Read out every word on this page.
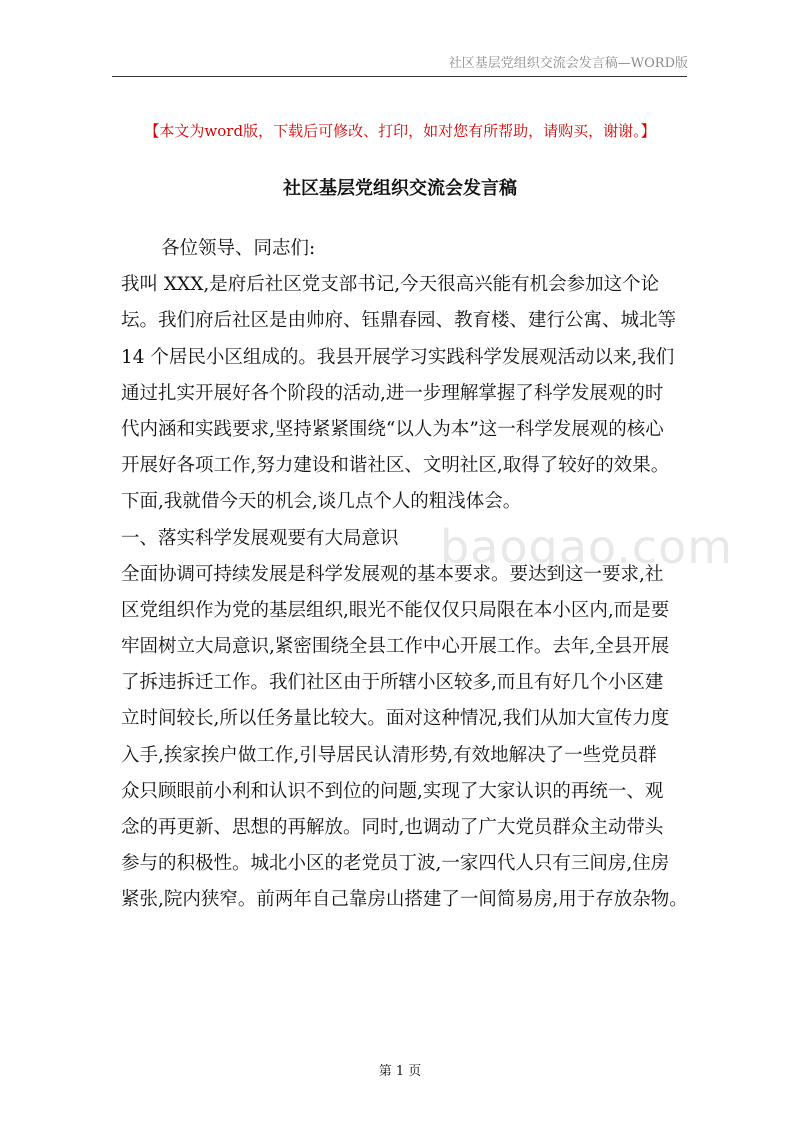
社区基层党组织交流会发言稿—WORD版
【本文为word版，下载后可修改、打印，如对您有所帮助，请购买，谢谢。】
社区基层党组织交流会发言稿
baogao.com
各位领导、同志们:
我叫 XXX,是府后社区党支部书记,今天很高兴能有机会参加这个论
坛。我们府后社区是由帅府、钰鼎春园、教育楼、建行公寓、城北等
14 个居民小区组成的。我县开展学习实践科学发展观活动以来,我们
通过扎实开展好各个阶段的活动,进一步理解掌握了科学发展观的时
代内涵和实践要求,坚持紧紧围绕“以人为本”这一科学发展观的核心
开展好各项工作,努力建设和谐社区、文明社区,取得了较好的效果。
下面,我就借今天的机会,谈几点个人的粗浅体会。
一、落实科学发展观要有大局意识
全面协调可持续发展是科学发展观的基本要求。要达到这一要求,社
区党组织作为党的基层组织,眼光不能仅仅只局限在本小区内,而是要
牢固树立大局意识,紧密围绕全县工作中心开展工作。去年,全县开展
了拆违拆迁工作。我们社区由于所辖小区较多,而且有好几个小区建
立时间较长,所以任务量比较大。面对这种情况,我们从加大宣传力度
入手,挨家挨户做工作,引导居民认清形势,有效地解决了一些党员群
众只顾眼前小利和认识不到位的问题,实现了大家认识的再统一、观
念的再更新、思想的再解放。同时,也调动了广大党员群众主动带头
参与的积极性。城北小区的老党员丁波,一家四代人只有三间房,住房
紧张,院内狭窄。前两年自己靠房山搭建了一间简易房,用于存放杂物。
第 1 页
